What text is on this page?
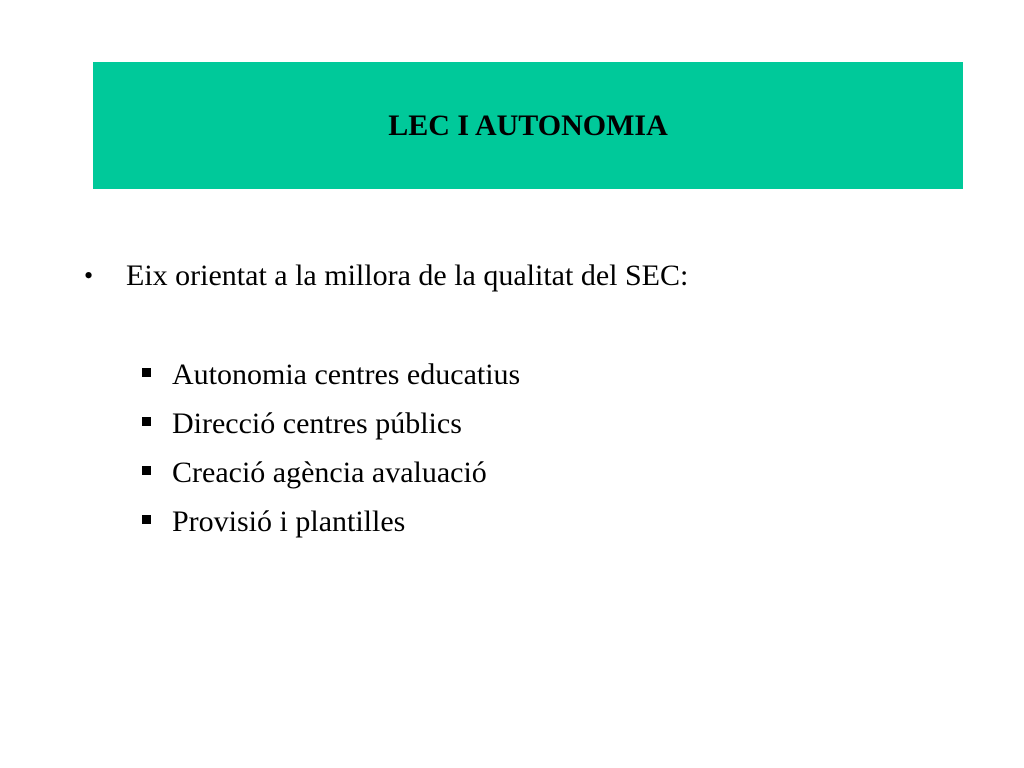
LEC I AUTONOMIA
•	Eix orientat a la millora de la qualitat del SEC:
Autonomia centres educatius
Direcció centres públics
Creació agència avaluació
Provisió i plantilles
